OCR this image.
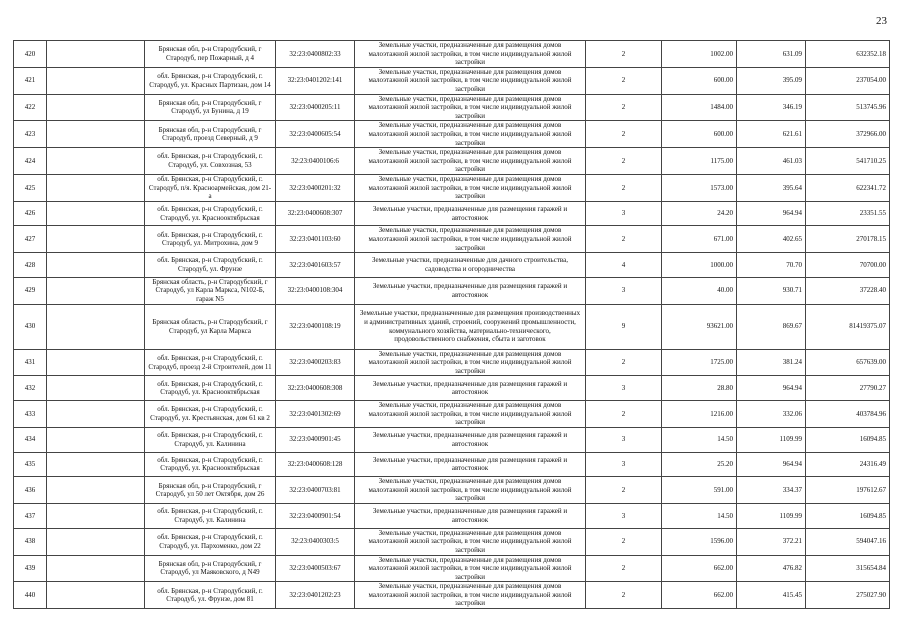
23
420		Брянская обл, р-н Стародубский, г Стародуб, пер Пожарный, д 4	32:23:0400802:33	Земельные участки, предназначенные для размещения домов малоэтажной жилой застройки, в том числе индивидуальной жилой застройки	2	1002.00	631.09	632352.18
421		обл. Брянская, р-н Стародубский, г. Стародуб, ул. Красных Партизан, дом 14	32:23:0401202:141	Земельные участки, предназначенные для размещения домов малоэтажной жилой застройки, в том числе индивидуальной жилой застройки	2	600.00	395.09	237054.00
422		Брянская обл, р-н Стародубский, г Стародуб, ул Бунина, д 19	32:23:0400205:11	Земельные участки, предназначенные для размещения домов малоэтажной жилой застройки, в том числе индивидуальной жилой застройки	2	1484.00	346.19	513745.96
423		Брянская обл, р-н Стародубский, г Стародуб, проезд Северный, д 9	32:23:0400605:54	Земельные участки, предназначенные для размещения домов малоэтажной жилой застройки, в том числе индивидуальной жилой застройки	2	600.00	621.61	372966.00
424		обл. Брянская, р-н Стародубский, г. Стародуб, ул. Совхозная, 53	32:23:0400106:6	Земельные участки, предназначенные для размещения домов малоэтажной жилой застройки, в том числе индивидуальной жилой застройки	2	1175.00	461.03	541710.25
425		обл. Брянская, р-н Стародубский, г. Стародуб, п/я. Красноармейская, дом 21-а	32:23:0400201:32	Земельные участки, предназначенные для размещения домов малоэтажной жилой застройки, в том числе индивидуальной жилой застройки	2	1573.00	395.64	622341.72
426		обл. Брянская, р-н Стародубский, г. Стародуб, ул. Краснооктябрьская	32:23:0400608:307	Земельные участки, предназначенные для размещения гаражей и автостоянок	3	24.20	964.94	23351.55
427		обл. Брянская, р-н Стародубский, г. Стародуб, ул. Митрохина, дом 9	32:23:0401103:60	Земельные участки, предназначенные для размещения домов малоэтажной жилой застройки, в том числе индивидуальной жилой застройки	2	671.00	402.65	270178.15
428		обл. Брянская, р-н Стародубский, г. Стародуб, ул. Фрунзе	32:23:0401603:57	Земельные участки, предназначенные для дачного строительства, садоводства и огородничества	4	1000.00	70.70	70700.00
429		Брянская область, р-н Стародубский, г Стародуб, ул Карла Маркса, N102-Б, гараж N5	32:23:0400108:304	Земельные участки, предназначенные для размещения гаражей и автостоянок	3	40.00	930.71	37228.40
430		Брянская область, р-н Стародубский, г Стародуб, ул Карла Маркса	32:23:0400108:19	Земельные участки, предназначенные для размещения производственных и административных зданий, строений, сооружений промышленности, коммунального хозяйства, материально-технического, продовольственного снабжения, сбыта и заготовок	9	93621.00	869.67	81419375.07
431		обл. Брянская, р-н Стародубский, г. Стародуб, проезд 2-й Строителей, дом 11	32:23:0400203:83	Земельные участки, предназначенные для размещения домов малоэтажной жилой застройки, в том числе индивидуальной жилой застройки	2	1725.00	381.24	657639.00
432		обл. Брянская, р-н Стародубский, г. Стародуб, ул. Краснооктябрьская	32:23:0400608:308	Земельные участки, предназначенные для размещения гаражей и автостоянок	3	28.80	964.94	27790.27
433		обл. Брянская, р-н Стародубский, г. Стародуб, ул. Крестьянская, дом 61 кв 2	32:23:0401302:69	Земельные участки, предназначенные для размещения домов малоэтажной жилой застройки, в том числе индивидуальной жилой застройки	2	1216.00	332.06	403784.96
434		обл. Брянская, р-н Стародубский, г. Стародуб, ул. Калинина	32:23:0400901:45	Земельные участки, предназначенные для размещения гаражей и автостоянок	3	14.50	1109.99	16094.85
435		обл. Брянская, р-н Стародубский, г. Стародуб, ул. Краснооктябрьская	32:23:0400608:128	Земельные участки, предназначенные для размещения гаражей и автостоянок	3	25.20	964.94	24316.49
436		Брянская обл, р-н Стародубский, г Стародуб, ул 50 лет Октября, дом 26	32:23:0400703:81	Земельные участки, предназначенные для размещения домов малоэтажной жилой застройки, в том числе индивидуальной жилой застройки	2	591.00	334.37	197612.67
437		обл. Брянская, р-н Стародубский, г. Стародуб, ул. Калинина	32:23:0400901:54	Земельные участки, предназначенные для размещения гаражей и автостоянок	3	14.50	1109.99	16094.85
438		обл. Брянская, р-н Стародубский, г. Стародуб, ул. Пархоменко, дом 22	32:23:0400303:5	Земельные участки, предназначенные для размещения домов малоэтажной жилой застройки, в том числе индивидуальной жилой застройки	2	1596.00	372.21	594047.16
439		Брянская обл, р-н Стародубский, г Стародуб, ул Маяковского, д N49	32:23:0400503:67	Земельные участки, предназначенные для размещения домов малоэтажной жилой застройки, в том числе индивидуальной жилой застройки	2	662.00	476.82	315654.84
440		обл. Брянская, р-н Стародубский, г. Стародуб, ул. Фрунзе, дом 81	32:23:0401202:23	Земельные участки, предназначенные для размещения домов малоэтажной жилой застройки, в том числе индивидуальной жилой застройки	2	662.00	415.45	275027.90
